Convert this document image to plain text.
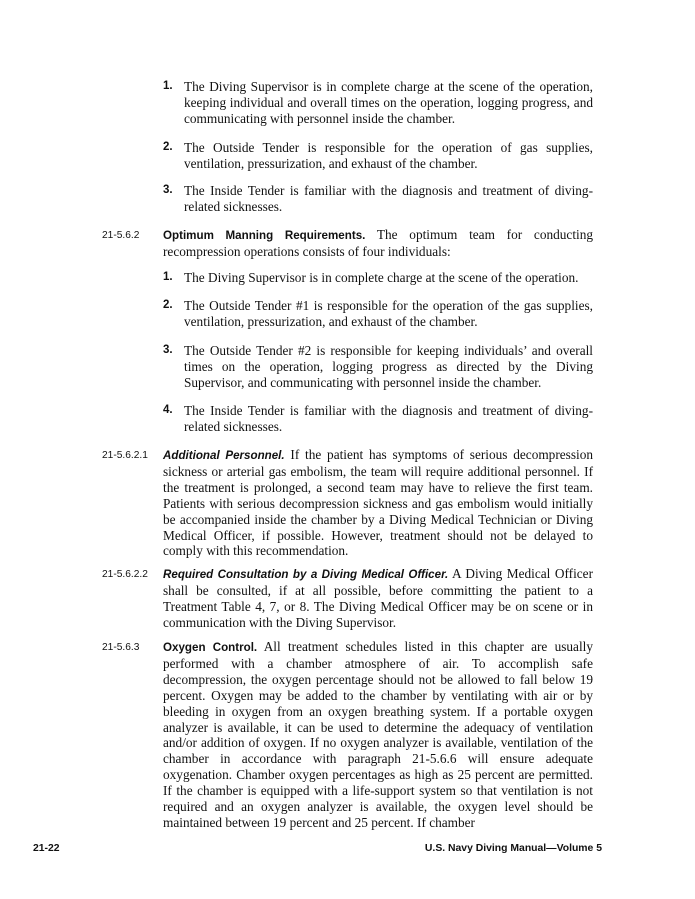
1. The Diving Supervisor is in complete charge at the scene of the operation, keeping individual and overall times on the operation, logging progress, and communicating with personnel inside the chamber.
2. The Outside Tender is responsible for the operation of gas supplies, ventilation, pressurization, and exhaust of the chamber.
3. The Inside Tender is familiar with the diagnosis and treatment of diving-related sicknesses.
21-5.6.2 Optimum Manning Requirements. The optimum team for conducting recompression operations consists of four individuals:
1. The Diving Supervisor is in complete charge at the scene of the operation.
2. The Outside Tender #1 is responsible for the operation of the gas supplies, ventilation, pressurization, and exhaust of the chamber.
3. The Outside Tender #2 is responsible for keeping individuals’ and overall times on the operation, logging progress as directed by the Diving Supervisor, and communicating with personnel inside the chamber.
4. The Inside Tender is familiar with the diagnosis and treatment of diving-related sicknesses.
21-5.6.2.1 Additional Personnel. If the patient has symptoms of serious decompression sickness or arterial gas embolism, the team will require additional personnel. If the treatment is prolonged, a second team may have to relieve the first team. Patients with serious decompression sickness and gas embolism would initially be accompanied inside the chamber by a Diving Medical Technician or Diving Medical Officer, if possible. However, treatment should not be delayed to comply with this recommendation.
21-5.6.2.2 Required Consultation by a Diving Medical Officer. A Diving Medical Officer shall be consulted, if at all possible, before committing the patient to a Treatment Table 4, 7, or 8. The Diving Medical Officer may be on scene or in communication with the Diving Supervisor.
21-5.6.3 Oxygen Control. All treatment schedules listed in this chapter are usually performed with a chamber atmosphere of air. To accomplish safe decompression, the oxygen percentage should not be allowed to fall below 19 percent. Oxygen may be added to the chamber by ventilating with air or by bleeding in oxygen from an oxygen breathing system. If a portable oxygen analyzer is available, it can be used to determine the adequacy of ventilation and/or addition of oxygen. If no oxygen analyzer is available, ventilation of the chamber in accordance with paragraph 21-5.6.6 will ensure adequate oxygenation. Chamber oxygen percentages as high as 25 percent are permitted. If the chamber is equipped with a life-support system so that ventilation is not required and an oxygen analyzer is available, the oxygen level should be maintained between 19 percent and 25 percent. If chamber
21-22	U.S. Navy Diving Manual—Volume 5
